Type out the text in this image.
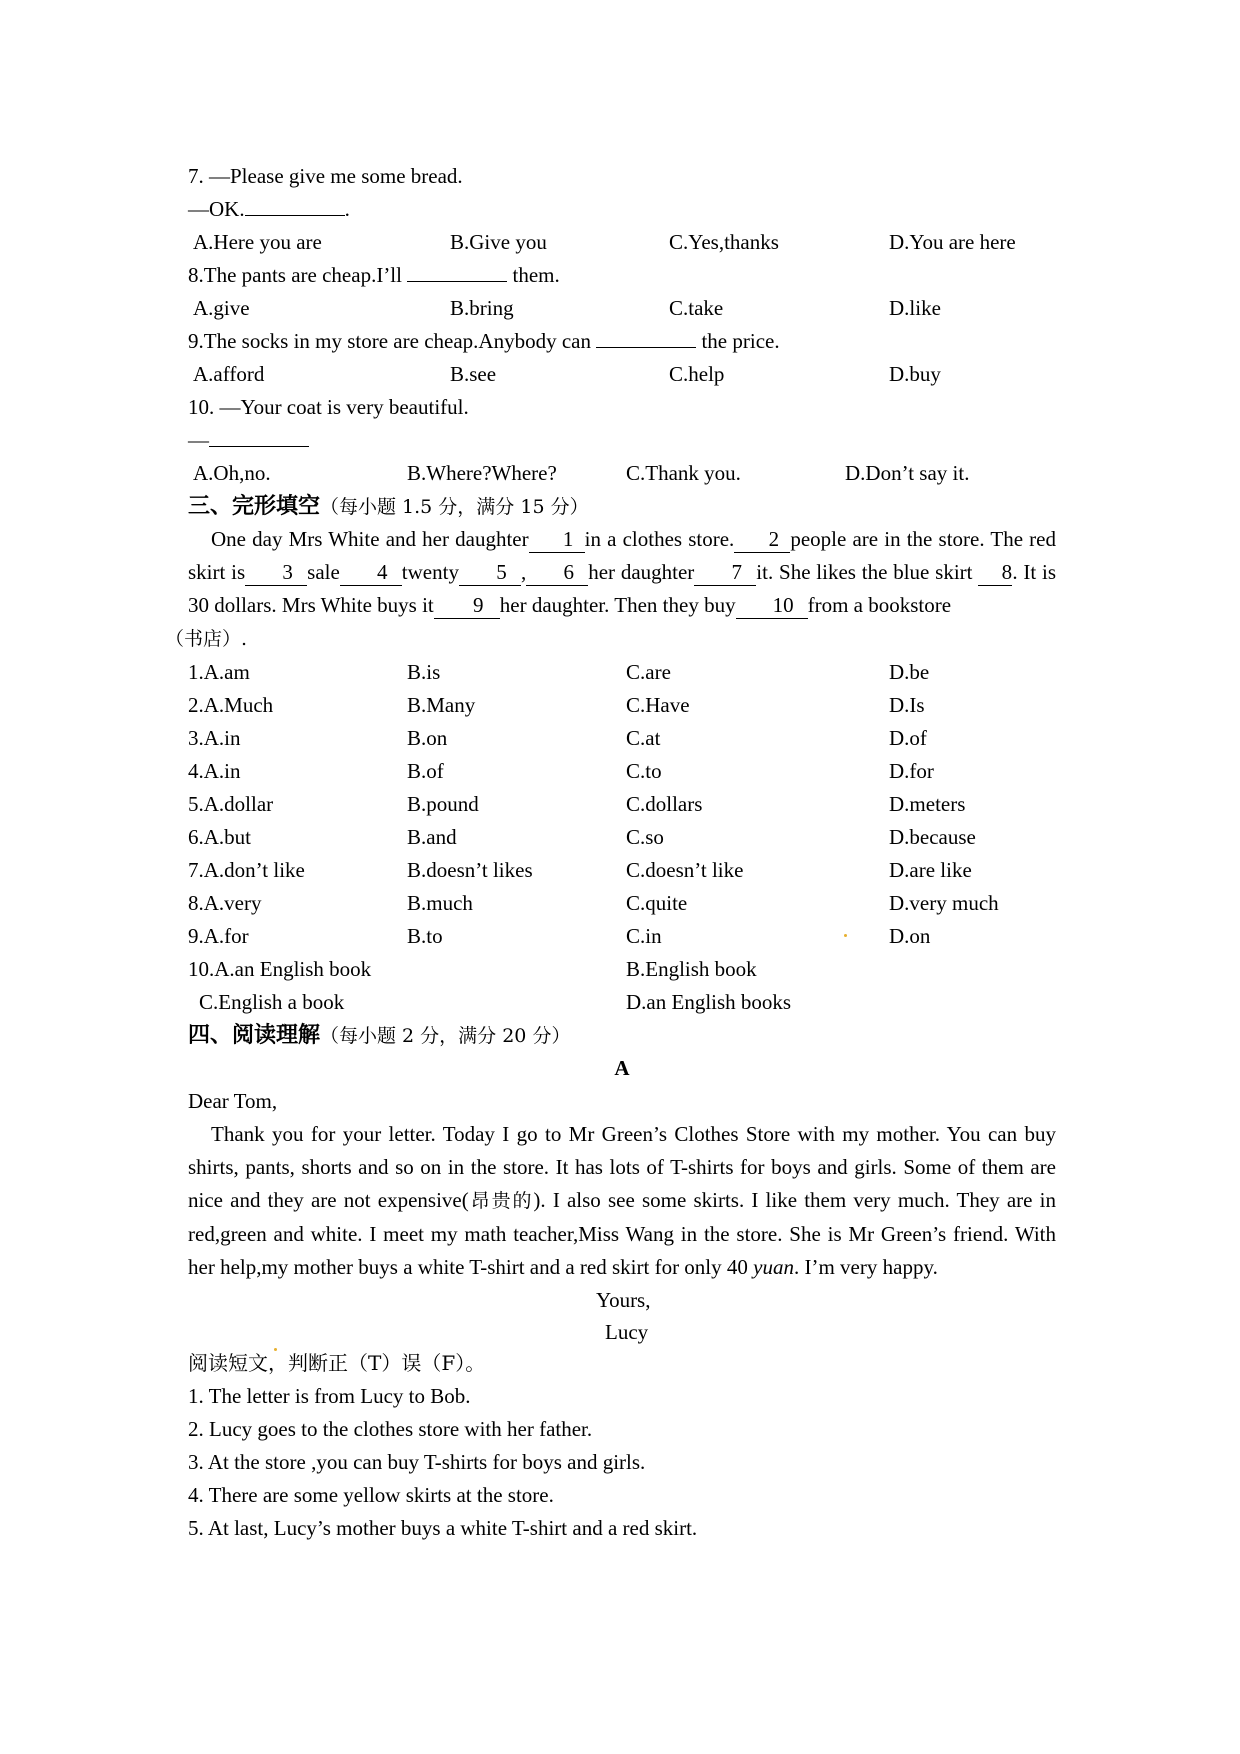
7. —Please give me some bread.
—OK.	.
A.Here you are	B.Give you	C.Yes,thanks	D.You are here
8.The pants are cheap.I’ll	them.
A.give	B.bring	C.take	D.like
9.The socks in my store are cheap.Anybody can	the price.
A.afford	B.see	C.help	D.buy
10. —Your coat is very beautiful.
—
A.Oh,no.	B.Where?Where?	C.Thank you.	D.Don’t say it.
三、完形填空（每小题 1.5 分，满分 15 分）
One day Mrs White and her daughter 1 in a clothes store. 2 people are in the store. The red skirt is 3 sale 4 twenty 5 , 6 her daughter 7 it. She likes the blue skirt 8. It is 30 dollars. Mrs White buys it 9 her daughter. Then they buy 10 from a bookstore
（书店）.
1.A.am	B.is	C.are	D.be
2.A.Much	B.Many	C.Have	D.Is
3.A.in	B.on	C.at	D.of
4.A.in	B.of	C.to	D.for
5.A.dollar	B.pound	C.dollars	D.meters
6.A.but	B.and	C.so	D.because
7.A.don’t like	B.doesn’t likes	C.doesn’t like	D.are like
8.A.very	B.much	C.quite	D.very much
9.A.for	B.to	C.in	D.on
10.A.an English book	B.English book
C.English a book	D.an English books
四、阅读理解（每小题 2 分，满分 20 分）
A
Dear Tom,
Thank you for your letter. Today I go to Mr Green’s Clothes Store with my mother. You can buy shirts, pants, shorts and so on in the store. It has lots of T-shirts for boys and girls. Some of them are nice and they are not expensive(昂贵的). I also see some skirts. I like them very much. They are in red,green and white. I meet my math teacher,Miss Wang in the store. She is Mr Green’s friend. With her help,my mother buys a white T-shirt and a red skirt for only 40 yuan. I’m very happy.
Yours,
Lucy
阅读短文，判断正（T）误（F）。
1. The letter is from Lucy to Bob.
2. Lucy goes to the clothes store with her father.
3. At the store ,you can buy T-shirts for boys and girls.
4. There are some yellow skirts at the store.
5. At last, Lucy’s mother buys a white T-shirt and a red skirt.
